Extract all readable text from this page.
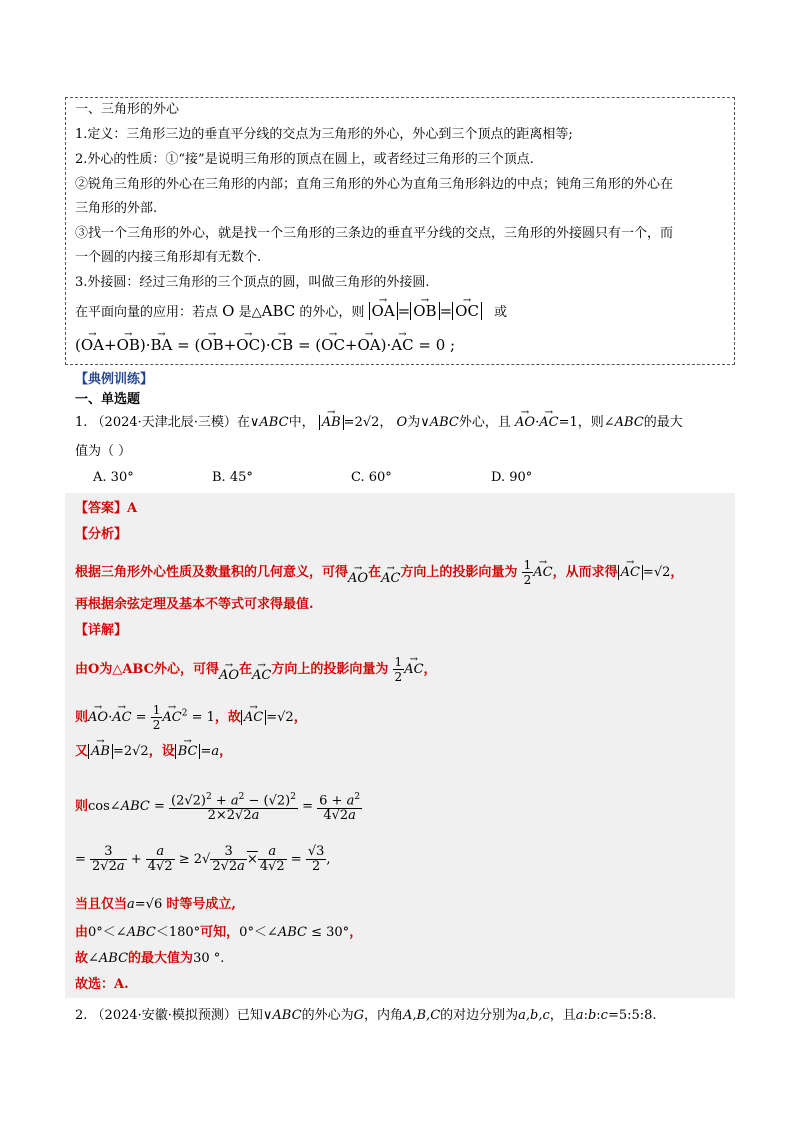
一、三角形的外心
1.定义：三角形三边的垂直平分线的交点为三角形的外心，外心到三个顶点的距离相等;
2.外心的性质：①“接”是说明三角形的顶点在圆上，或者经过三角形的三个顶点.
②锐角三角形的外心在三角形的内部；直角三角形的外心为直角三角形斜边的中点；钝角三角形的外心在
三角形的外部.
③找一个三角形的外心，就是找一个三角形的三条边的垂直平分线的交点，三角形的外接圆只有一个，而
一个圆的内接三角形却有无数个.
3.外接圆：经过三角形的三个顶点的圆，叫做三角形的外接圆.
在平面向量的应用：若点 O 是△ABC 的外心，则 → OA = → OB = → OC 或
(→ OA+→ OB)·→ BA = (→ OB+→ OC)·→ CB = (→ OC+→ OA)·→ AC = 0 ;
【典例训练】
一、单选题
1. （2024·天津北辰·三模）在∨ABC中， → AB =2√2， O为∨ABC外心，且 → AO·→ AC=1，则∠ABC的最大
值为（ ）
A. 30°	B. 45°	C. 60°	D. 90°
【答案】A
【分析】
根据三角形外心性质及数量积的几何意义，可得→ AO在→ AC方向上的投影向量为 $\frac{1}{2}$ → AC，从而求得 → AC =√2，
再根据余弦定理及基本不等式可求得最值.
【详解】
由O为△ABC外心，可得→ AO在→ AC方向上的投影向量为 $\frac{1}{2}$ → AC，
则→ AO·→ AC = $\frac{1}{2} \to AC^2 = 1$，故 → AC =√2，
又 → AB =2√2，设 → BC =a，
则cos∠ABC = $\frac{(2√2)^2 + a^2 - (√2)^2}{2\times 2√2a} = \frac{6 + a^2}{4√2a}$
= $\frac{3}{2√2a} + \frac{a}{4√2} \ge 2√ \frac{3}{2√2a} \times \frac{a}{4√2} = \frac{√3}{2}$ ,
当且仅当a=√6 时等号成立,
由0°＜∠ABC＜180°可知，0°＜∠ABC ≤ 30°，
故∠ABC的最大值为30 °.
故选：A.
2. （2024·安徽·模拟预测）已知∨ABC的外心为G，内角A,B,C的对边分别为a,b,c，且a:b:c=5:5:8.
